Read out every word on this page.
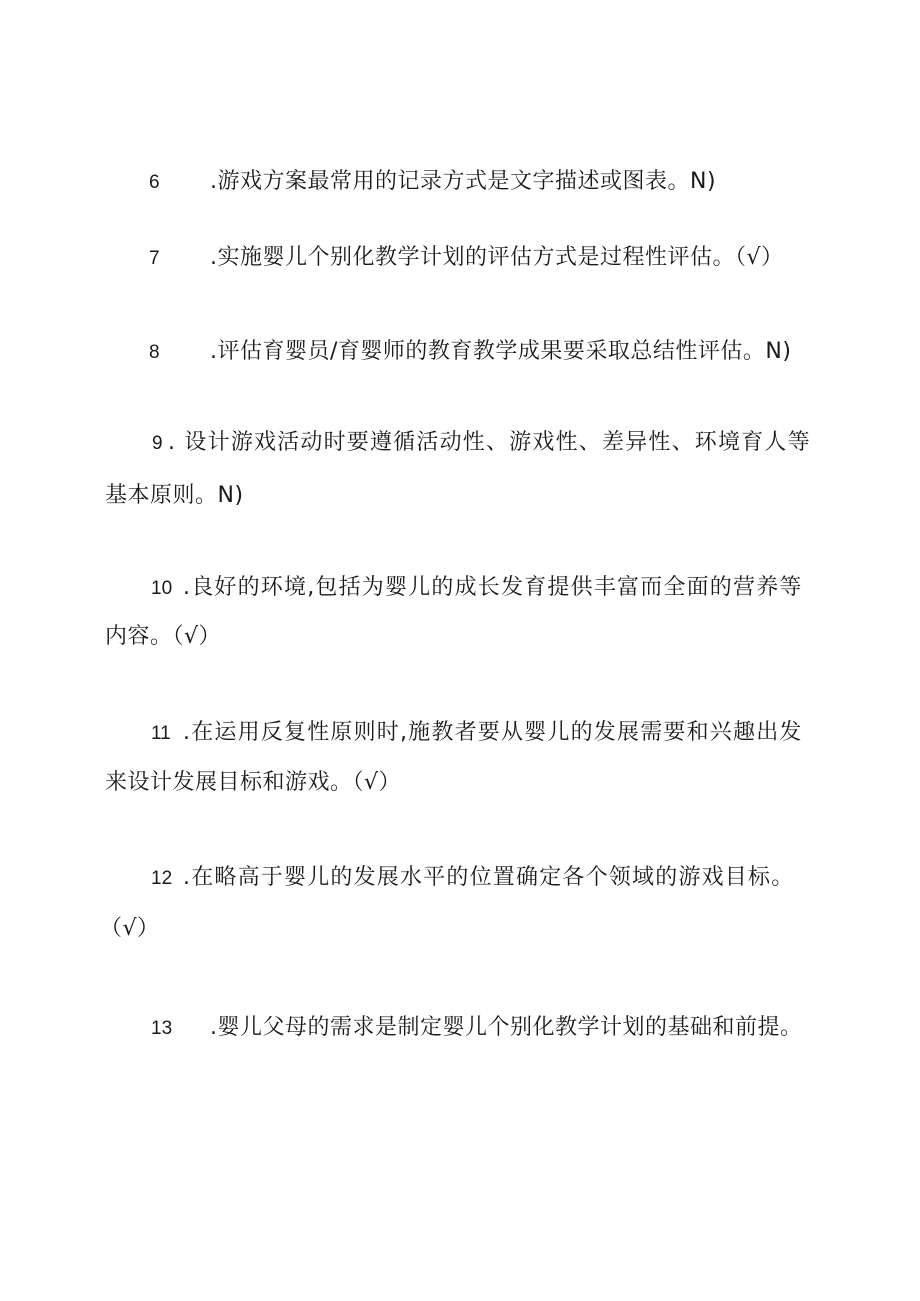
6 .游戏方案最常用的记录方式是文字描述或图表。N)
7 .实施婴儿个别化教学计划的评估方式是过程性评估。（√）
8 .评估育婴员/育婴师的教育教学成果要采取总结性评估。N)
9 . 设计游戏活动时要遵循活动性、游戏性、差异性、环境育人等
基本原则。N)
10 .良好的环境,包括为婴儿的成长发育提供丰富而全面的营养等
内容。（√）
11 .在运用反复性原则时,施教者要从婴儿的发展需要和兴趣出发
来设计发展目标和游戏。（√）
12 .在略高于婴儿的发展水平的位置确定各个领域的游戏目标。
（√）
13 .婴儿父母的需求是制定婴儿个别化教学计划的基础和前提。
